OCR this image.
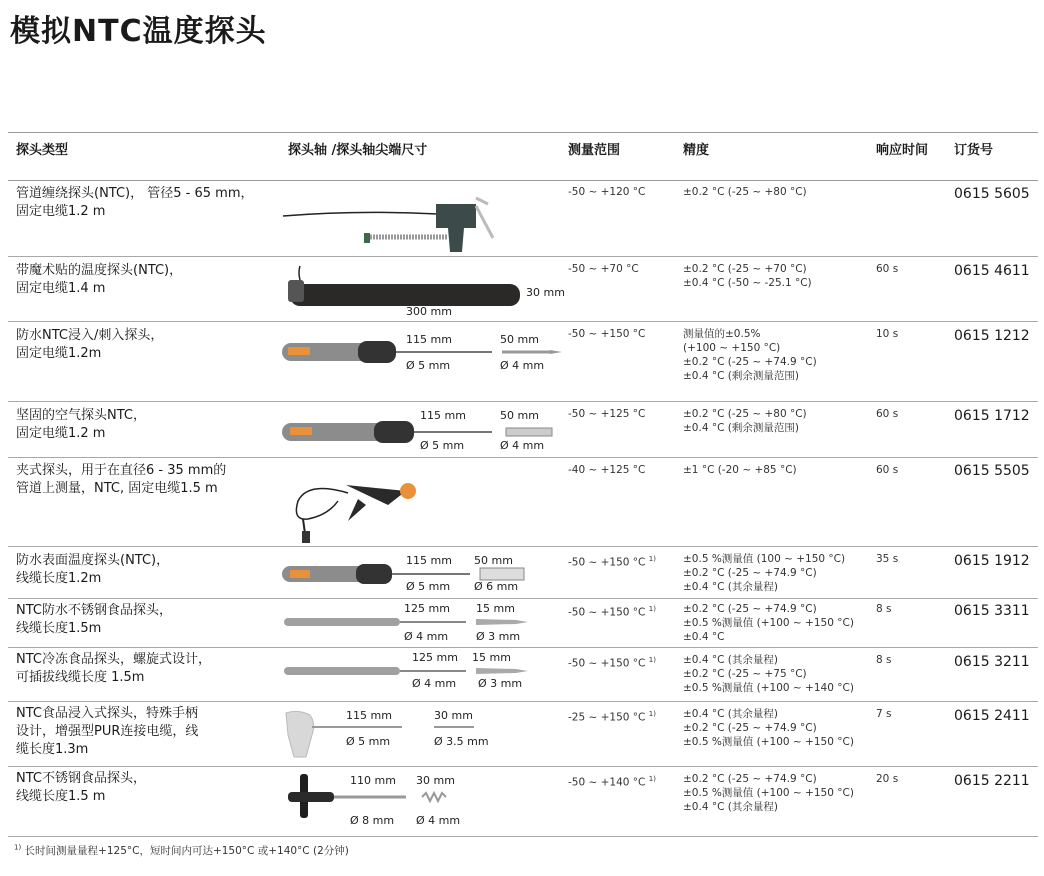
模拟NTC温度探头
探头类型	探头轴 /探头轴尖端尺寸	测量范围	精度	响应时间 订货号
管道缠绕探头(NTC)， 管径5 - 65 mm，
固定电缆1.2 m
-50 ~ +120 °C	±0.2 °C (-25 ~ +80 °C)	0615 5605
带魔术贴的温度探头(NTC)，
固定电缆1.4 m	30 mm
300 mm
-50 ~ +70 °C	±0.2 °C (-25 ~ +70 °C)
±0.4 °C (-50 ~ -25.1 °C)
60 s	0615 4611
防水NTC浸入/刺入探头，
固定电缆1.2m
115 mm
Ø 5 mm
50 mm
Ø 4 mm
-50 ~ +150 °C	测量值的±0.5%
(+100 ~ +150 °C)
±0.2 °C (-25 ~ +74.9 °C)
±0.4 °C (剩余测量范围)
10 s	0615 1212
坚固的空气探头NTC，
固定电缆1.2 m
115 mm
Ø 5 mm
50 mm
Ø 4 mm
-50 ~ +125 °C	±0.2 °C (-25 ~ +80 °C)
±0.4 °C (剩余测量范围)
60 s	0615 1712
夹式探头，用于在直径6 - 35 mm的
管道上测量，NTC, 固定电缆1.5 m
-40 ~ +125 °C	±1 °C (-20 ~ +85 °C)	60 s	0615 5505
防水表面温度探头(NTC)，
线缆长度1.2m
115 mm
Ø 5 mm
50 mm
Ø 6 mm
-50 ~ +150 °C $^{1)}$	±0.5 %测量值 (100 ~ +150 °C)
±0.2 °C (-25 ~ +74.9 °C)
±0.4 °C (其余量程)
35 s	0615 1912
NTC防水不锈钢食品探头，
线缆长度1.5m
125 mm
Ø 4 mm
15 mm
Ø 3 mm
-50 ~ +150 °C $^{1)}$	±0.2 °C (-25 ~ +74.9 °C)
±0.5 %测量值 (+100 ~ +150 °C)
±0.4 °C
8 s	0615 3311
NTC冷冻食品探头，螺旋式设计，
可插拔线缆长度 1.5m
125 mm
Ø 4 mm
15 mm
Ø 3 mm
-50 ~ +150 °C $^{1)}$	±0.4 °C (其余量程)
±0.2 °C (-25 ~ +75 °C)
±0.5 %测量值 (+100 ~ +140 °C)
8 s	0615 3211
NTC食品浸入式探头，特殊手柄
设计，增强型PUR连接电缆，线
缆长度1.3m
115 mm
Ø 5 mm
30 mm
Ø 3.5 mm
-25 ~ +150 °C $^{1)}$	±0.4 °C (其余量程)
±0.2 °C (-25 ~ +74.9 °C)
±0.5 %测量值 (+100 ~ +150 °C)
7 s	0615 2411
NTC不锈钢食品探头，
线缆长度1.5 m
110 mm
Ø 8 mm
30 mm
Ø 4 mm
-50 ~ +140 °C $^{1)}$	±0.2 °C (-25 ~ +74.9 °C)
±0.5 %测量值 (+100 ~ +150 °C)
±0.4 °C (其余量程)
20 s	0615 2211
$^{1)}$ 长时间测量量程+125°C，短时间内可达+150°C 或+140°C (2分钟)
